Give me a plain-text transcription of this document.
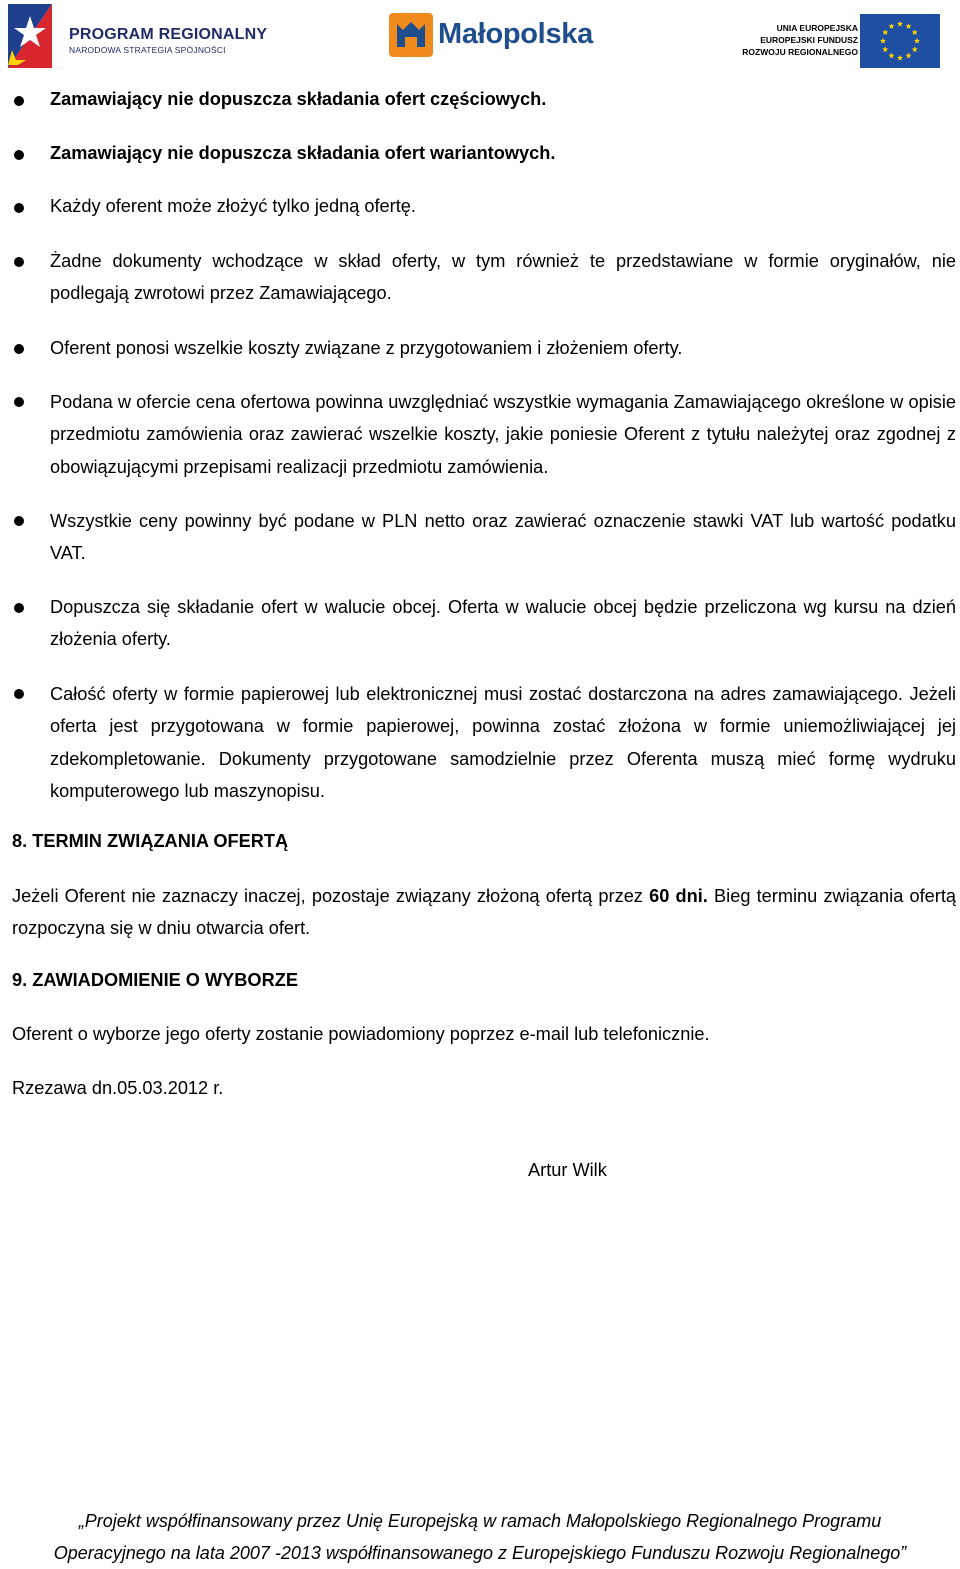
PROGRAM REGIONALNY
NARODOWA STRATEGIA SPÓJNOŚCI	Małopolska	UNIA EUROPEJSKA
EUROPEJSKI FUNDUSZ
ROZWOJU REGIONALNEGO
Zamawiający nie dopuszcza składania ofert częściowych.
Zamawiający nie dopuszcza składania ofert wariantowych.
Każdy oferent może złożyć tylko jedną ofertę.
Żadne dokumenty wchodzące w skład oferty, w tym również te przedstawiane w formie oryginałów, nie podlegają zwrotowi przez Zamawiającego.
Oferent ponosi wszelkie koszty związane z przygotowaniem i złożeniem oferty.
Podana w ofercie cena ofertowa powinna uwzględniać wszystkie wymagania Zamawiającego określone w opisie przedmiotu zamówienia oraz zawierać wszelkie koszty, jakie poniesie Oferent z tytułu należytej oraz zgodnej z obowiązującymi przepisami realizacji przedmiotu zamówienia.
Wszystkie ceny powinny być podane w PLN netto oraz zawierać oznaczenie stawki VAT lub wartość podatku VAT.
Dopuszcza się składanie ofert w walucie obcej. Oferta w walucie obcej będzie przeliczona wg kursu na dzień złożenia oferty.
Całość oferty w formie papierowej lub elektronicznej musi zostać dostarczona na adres zamawiającego. Jeżeli oferta jest przygotowana w formie papierowej, powinna zostać złożona w formie uniemożliwiającej jej zdekompletowanie. Dokumenty przygotowane samodzielnie przez Oferenta muszą mieć formę wydruku komputerowego lub maszynopisu.
8. TERMIN ZWIĄZANIA OFERTĄ
Jeżeli Oferent nie zaznaczy inaczej, pozostaje związany złożoną ofertą przez 60 dni. Bieg terminu związania ofertą rozpoczyna się w dniu otwarcia ofert.
9. ZAWIADOMIENIE O WYBORZE
Oferent o wyborze jego oferty zostanie powiadomiony poprzez e-mail lub telefonicznie.
Rzezawa dn.05.03.2012 r.
Artur Wilk
„Projekt współfinansowany przez Unię Europejską w ramach Małopolskiego Regionalnego Programu
Operacyjnego na lata 2007 -2013 współfinansowanego z Europejskiego Funduszu Rozwoju Regionalnego”
